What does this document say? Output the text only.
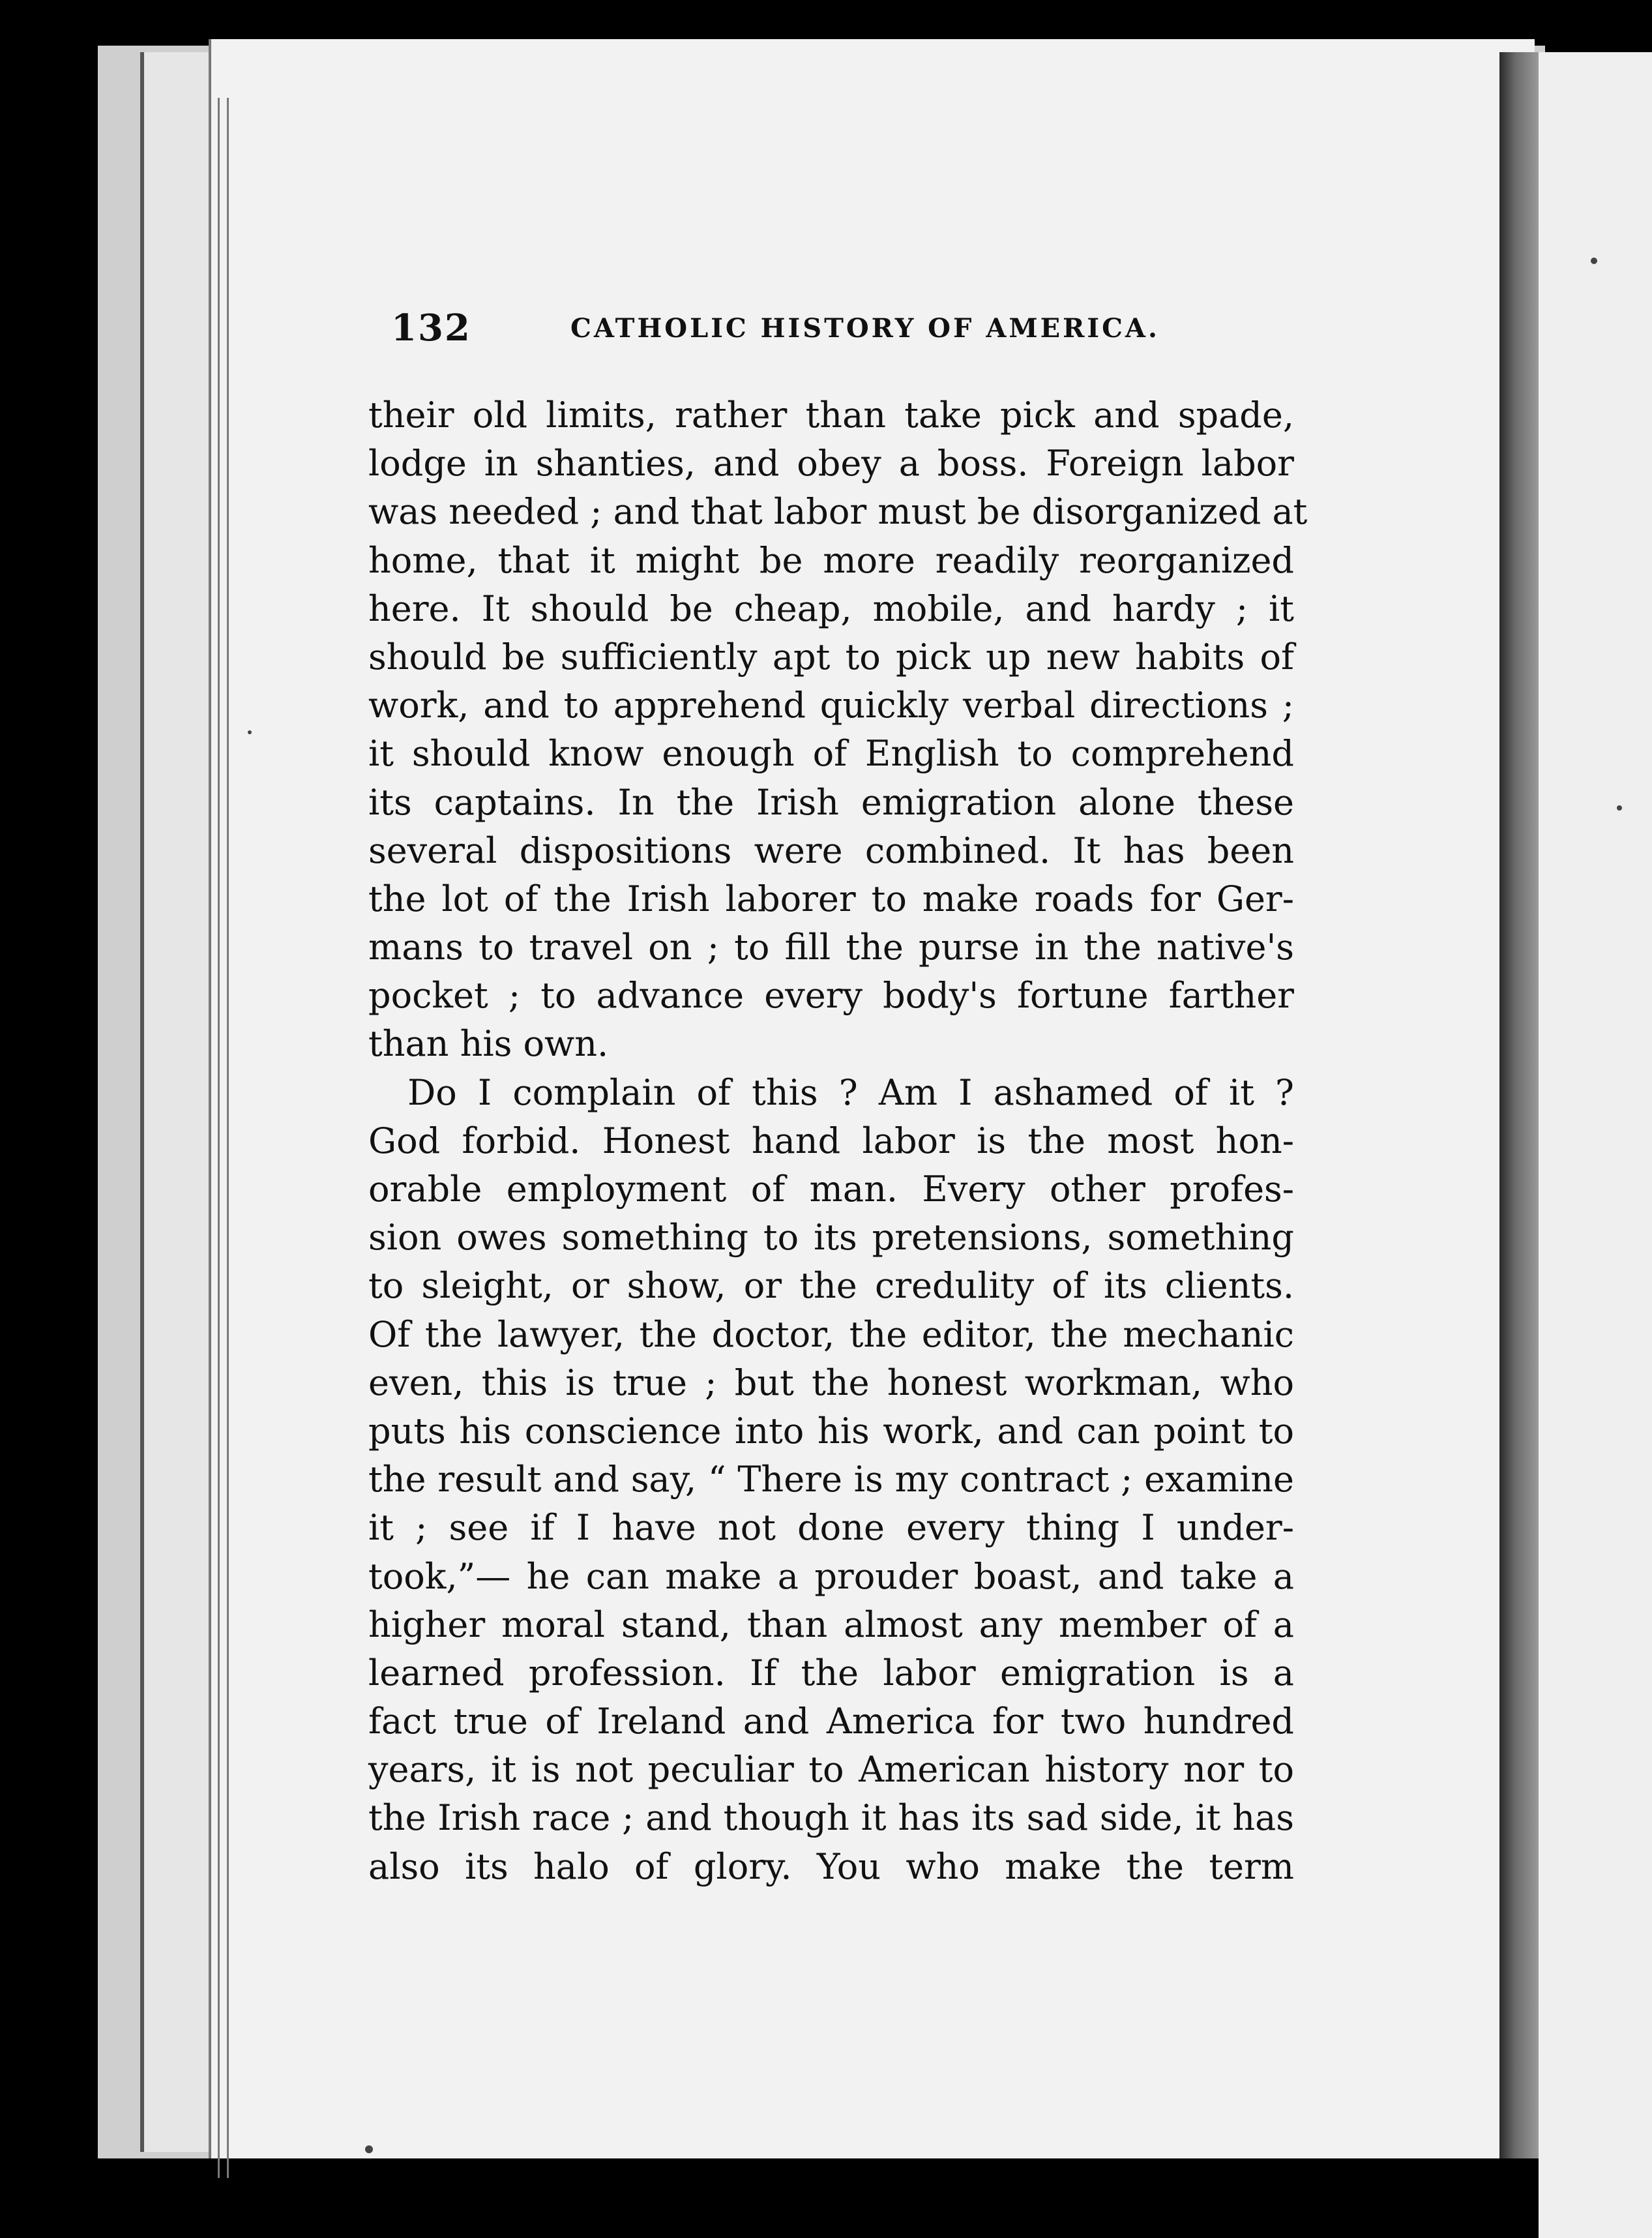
132	CATHOLIC HISTORY OF AMERICA.
their old limits, rather than take pick and spade,
lodge in shanties, and obey a boss. Foreign labor
was needed ; and that labor must be disorganized at
home, that it might be more readily reorganized
here. It should be cheap, mobile, and hardy ; it
should be sufficiently apt to pick up new habits of
work, and to apprehend quickly verbal directions ;
it should know enough of English to comprehend
its captains. In the Irish emigration alone these
several dispositions were combined. It has been
the lot of the Irish laborer to make roads for Ger-
mans to travel on ; to fill the purse in the native's
pocket ; to advance every body's fortune farther
than his own.
Do I complain of this ? Am I ashamed of it ?
God forbid. Honest hand labor is the most hon-
orable employment of man. Every other profes-
sion owes something to its pretensions, something
to sleight, or show, or the credulity of its clients.
Of the lawyer, the doctor, the editor, the mechanic
even, this is true ; but the honest workman, who
puts his conscience into his work, and can point to
the result and say, “ There is my contract ; examine
it ; see if I have not done every thing I under-
took,”— he can make a prouder boast, and take a
higher moral stand, than almost any member of a
learned profession. If the labor emigration is a
fact true of Ireland and America for two hundred
years, it is not peculiar to American history nor to
the Irish race ; and though it has its sad side, it has
also its halo of glory. You who make the term
